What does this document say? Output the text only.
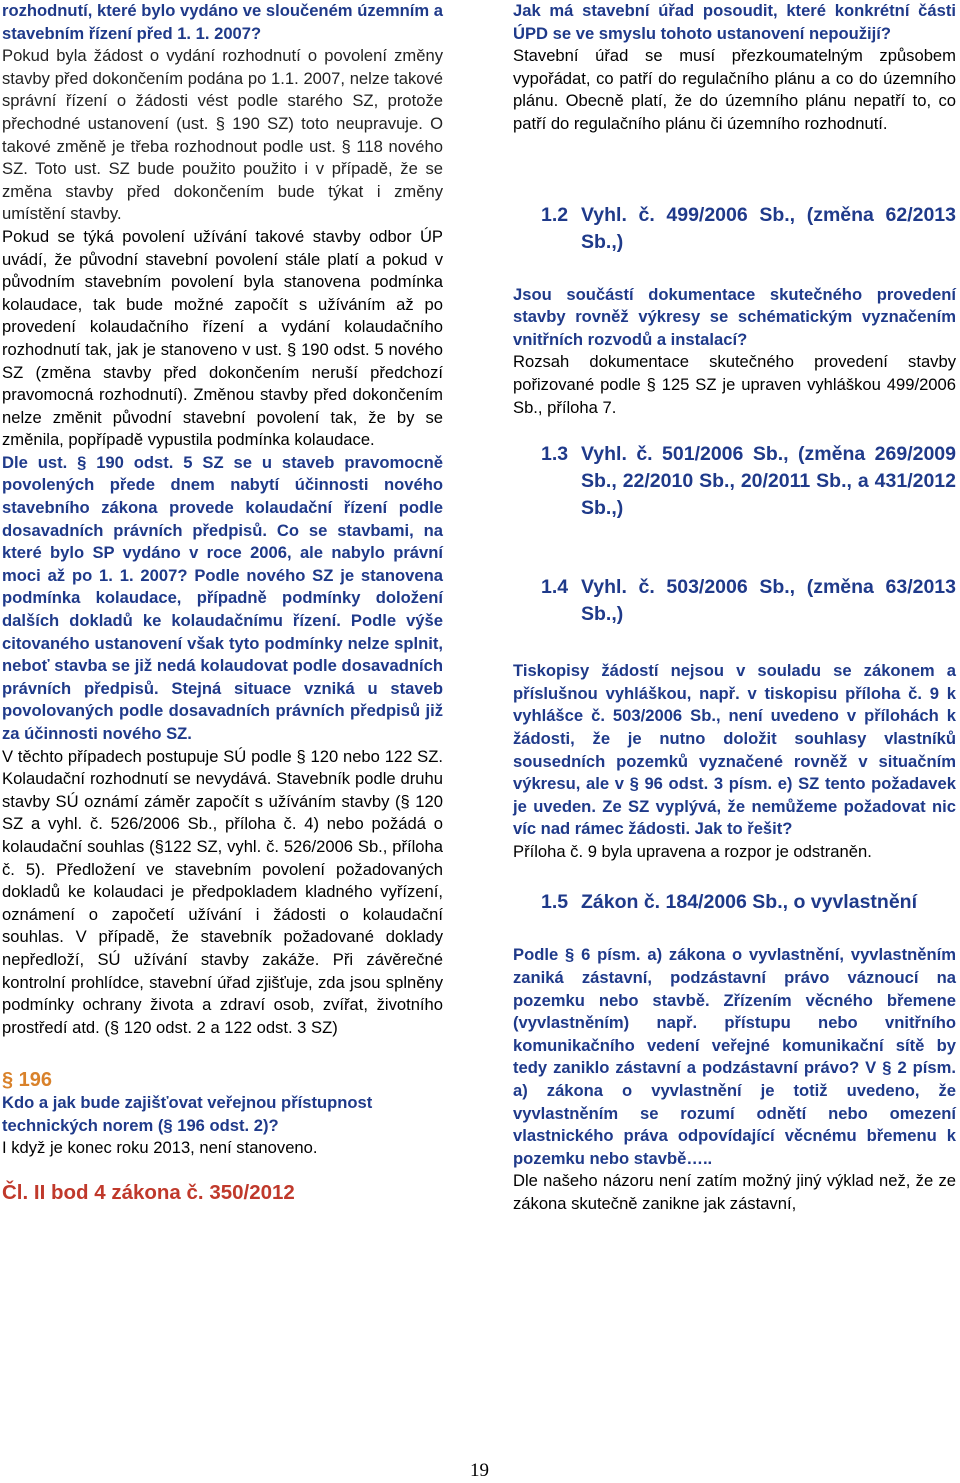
rozhodnutí, které bylo vydáno ve sloučeném územním a stavebním řízení před 1. 1. 2007?

Pokud byla žádost o vydání rozhodnutí o povolení změny stavby před dokončením podána po 1.1. 2007, nelze takové správní řízení o žádosti vést podle starého SZ, protože přechodné ustanovení (ust. § 190 SZ) toto neupravuje. O takové změně je třeba rozhodnout podle ust. § 118 nového SZ. Toto ust. SZ bude použito použito i v případě, že se změna stavby před dokončením bude týkat i změny umístění stavby.

Pokud se týká povolení užívání takové stavby odbor ÚP uvádí, že původní stavební povolení stále platí a pokud v původním stavebním povolení byla stanovena podmínka kolaudace, tak bude možné započít s užíváním až po provedení kolaudačního řízení a vydání kolaudačního rozhodnutí tak, jak je stanoveno v ust. § 190 odst. 5 nového SZ (změna stavby před dokončením neruší předchozí pravomocná rozhodnutí). Změnou stavby před dokončením nelze změnit původní stavební povolení tak, že by se změnila, popřípadě vypustila podmínka kolaudace.

Dle ust. § 190 odst. 5 SZ se u staveb pravomocně povolených přede dnem nabytí účinnosti nového stavebního zákona provede kolaudační řízení podle dosavadních právních předpisů. Co se stavbami, na které bylo SP vydáno v roce 2006, ale nabylo právní moci až po 1. 1. 2007? Podle nového SZ je stanovena podmínka kolaudace, případně podmínky doložení dalších dokladů ke kolaudačnímu řízení. Podle výše citovaného ustanovení však tyto podmínky nelze splnit, neboť stavba se již nedá kolaudovat podle dosavadních právních předpisů. Stejná situace vzniká u staveb povolovaných podle dosavadních právních předpisů již za účinnosti nového SZ.

V těchto případech postupuje SÚ podle § 120 nebo 122 SZ. Kolaudační rozhodnutí se nevydává. Stavebník podle druhu stavby SÚ oznámí záměr započít s užíváním stavby (§ 120 SZ a vyhl. č. 526/2006 Sb., příloha č. 4) nebo požádá o kolaudační souhlas (§122 SZ, vyhl. č. 526/2006 Sb., příloha č. 5). Předložení ve stavebním povolení požadovaných dokladů ke kolaudaci je předpokladem kladného vyřízení, oznámení o započetí užívání i žádosti o kolaudační souhlas. V případě, že stavebník požadované doklady nepředloží, SÚ užívání stavby zakáže. Při závěrečné kontrolní prohlídce, stavební úřad zjišťuje, zda jsou splněny podmínky ochrany života a zdraví osob, zvířat, životního prostředí atd. (§ 120 odst. 2 a 122 odst. 3 SZ)

§ 196

Kdo a jak bude zajišťovat veřejnou přístupnost technických norem (§ 196 odst. 2)?

I když je konec roku 2013, není stanoveno.

Čl. II bod 4 zákona č. 350/2012

Jak má stavební úřad posoudit, které konkrétní části ÚPD se ve smyslu tohoto ustanovení nepoužijí?

Stavební úřad se musí přezkoumatelným způsobem vypořádat, co patří do regulačního plánu a co do územního plánu. Obecně platí, že do územního plánu nepatří to, co patří do regulačního plánu či územního rozhodnutí.

1.2 Vyhl. č. 499/2006 Sb., (změna 62/2013 Sb.,)

Jsou součástí dokumentace skutečného provedení stavby rovněž výkresy se schématickým vyznačením vnitřních rozvodů a instalací?

Rozsah dokumentace skutečného provedení stavby pořizované podle § 125 SZ je upraven vyhláškou 499/2006 Sb., příloha 7.

1.3 Vyhl. č. 501/2006 Sb., (změna 269/2009 Sb., 22/2010 Sb., 20/2011 Sb., a 431/2012 Sb.,)
1.4 Vyhl. č. 503/2006 Sb., (změna 63/2013 Sb.,)

Tiskopisy žádostí nejsou v souladu se zákonem a příslušnou vyhláškou, např. v tiskopisu příloha č. 9 k vyhlášce č. 503/2006 Sb., není uvedeno v přílohách k žádosti, že je nutno doložit souhlasy vlastníků sousedních pozemků vyznačené rovněž v situačním výkresu, ale v § 96 odst. 3 písm. e) SZ tento požadavek je uveden. Ze SZ vyplývá, že nemůžeme požadovat nic víc nad rámec žádosti. Jak to řešit?

Příloha č. 9 byla upravena a rozpor je odstraněn.

1.5 Zákon č. 184/2006 Sb., o vyvlastnění

Podle § 6 písm. a) zákona o vyvlastnění, vyvlastněním zaniká zástavní, podzástavní právo váznoucí na pozemku nebo stavbě. Zřízením věcného břemene (vyvlastněním) např. přístupu nebo vnitřního komunikačního vedení veřejné komunikační sítě by tedy zaniklo zástavní a podzástavní právo? V § 2 písm. a) zákona o vyvlastnění je totiž uvedeno, že vyvlastněním se rozumí odnětí nebo omezení vlastnického práva odpovídající věcnému břemenu k pozemku nebo stavbě…..

Dle našeho názoru není zatím možný jiný výklad než, že ze zákona skutečně zanikne jak zástavní,

19
